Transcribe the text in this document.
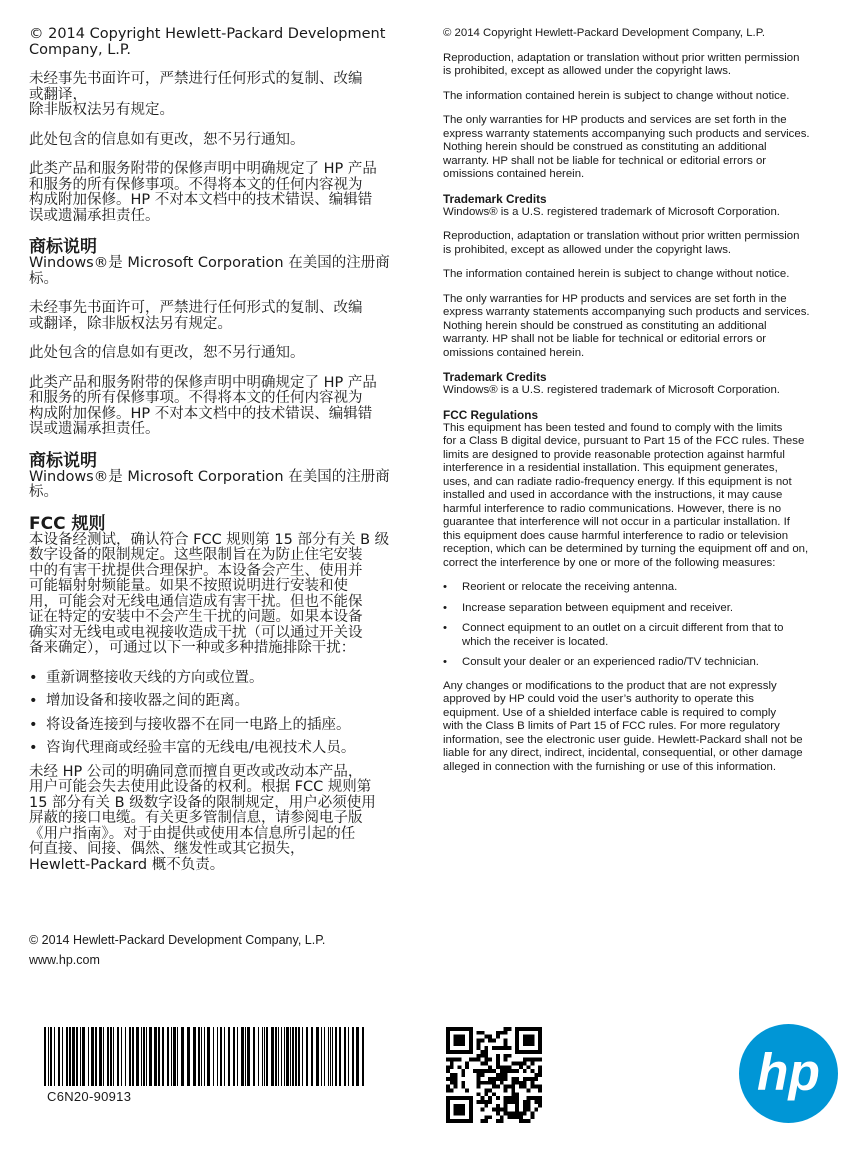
© 2014 Copyright Hewlett-Packard Development
Company, L.P.

未经事先书面许可，严禁进行任何形式的复制、改编
或翻译，
除非版权法另有规定。

此处包含的信息如有更改，恕不另行通知。

此类产品和服务附带的保修声明中明确规定了 HP 产品
和服务的所有保修事项。不得将本文的任何内容视为
构成附加保修。HP 不对本文档中的技术错误、编辑错
误或遗漏承担责任。

商标说明

Windows®是 Microsoft Corporation 在美国的注册商标。

未经事先书面许可，严禁进行任何形式的复制、改编
或翻译，除非版权法另有规定。

此处包含的信息如有更改，恕不另行通知。

此类产品和服务附带的保修声明中明确规定了 HP 产品
和服务的所有保修事项。不得将本文的任何内容视为
构成附加保修。HP 不对本文档中的技术错误、编辑错
误或遗漏承担责任。

商标说明

Windows®是 Microsoft Corporation 在美国的注册商标。

FCC 规则

本设备经测试，确认符合 FCC 规则第 15 部分有关 B 级
数字设备的限制规定。这些限制旨在为防止住宅安装
中的有害干扰提供合理保护。本设备会产生、使用并
可能辐射射频能量。如果不按照说明进行安装和使
用，可能会对无线电通信造成有害干扰。但也不能保
证在特定的安装中不会产生干扰的问题。如果本设备
确实对无线电或电视接收造成干扰（可以通过开关设
备来确定），可通过以下一种或多种措施排除干扰：

• 重新调整接收天线的方向或位置。
• 增加设备和接收器之间的距离。
• 将设备连接到与接收器不在同一电路上的插座。
• 咨询代理商或经验丰富的无线电/电视技术人员。

未经 HP 公司的明确同意而擅自更改或改动本产品，
用户可能会失去使用此设备的权利。根据 FCC 规则第
15 部分有关 B 级数字设备的限制规定，用户必须使用
屏蔽的接口电缆。有关更多管制信息，请参阅电子版
《用户指南》。对于由提供或使用本信息所引起的任
何直接、间接、偶然、继发性或其它损失，
Hewlett-Packard 概不负责。

© 2014 Copyright Hewlett-Packard Development Company, L.P.

Reproduction, adaptation or translation without prior written permission
is prohibited, except as allowed under the copyright laws.

The information contained herein is subject to change without notice.

The only warranties for HP products and services are set forth in the
express warranty statements accompanying such products and services.
Nothing herein should be construed as constituting an additional
warranty. HP shall not be liable for technical or editorial errors or
omissions contained herein.

Trademark Credits

Windows® is a U.S. registered trademark of Microsoft Corporation.

Reproduction, adaptation or translation without prior written permission
is prohibited, except as allowed under the copyright laws.

The information contained herein is subject to change without notice.

The only warranties for HP products and services are set forth in the
express warranty statements accompanying such products and services.
Nothing herein should be construed as constituting an additional
warranty. HP shall not be liable for technical or editorial errors or
omissions contained herein.

Trademark Credits

Windows® is a U.S. registered trademark of Microsoft Corporation.

FCC Regulations

This equipment has been tested and found to comply with the limits
for a Class B digital device, pursuant to Part 15 of the FCC rules. These
limits are designed to provide reasonable protection against harmful
interference in a residential installation. This equipment generates,
uses, and can radiate radio-frequency energy. If this equipment is not
installed and used in accordance with the instructions, it may cause
harmful interference to radio communications. However, there is no
guarantee that interference will not occur in a particular installation. If
this equipment does cause harmful interference to radio or television
reception, which can be determined by turning the equipment off and on,
correct the interference by one or more of the following measures:

• Reorient or relocate the receiving antenna.
• Increase separation between equipment and receiver.
• Connect equipment to an outlet on a circuit different from that to
which the receiver is located.
• Consult your dealer or an experienced radio/TV technician.

Any changes or modifications to the product that are not expressly
approved by HP could void the user’s authority to operate this
equipment. Use of a shielded interface cable is required to comply
with the Class B limits of Part 15 of FCC rules. For more regulatory
information, see the electronic user guide. Hewlett-Packard shall not be
liable for any direct, indirect, incidental, consequential, or other damage
alleged in connection with the furnishing or use of this information.

© 2014 Hewlett-Packard Development Company, L.P.
www.hp.com
C6N20-90913	hp
